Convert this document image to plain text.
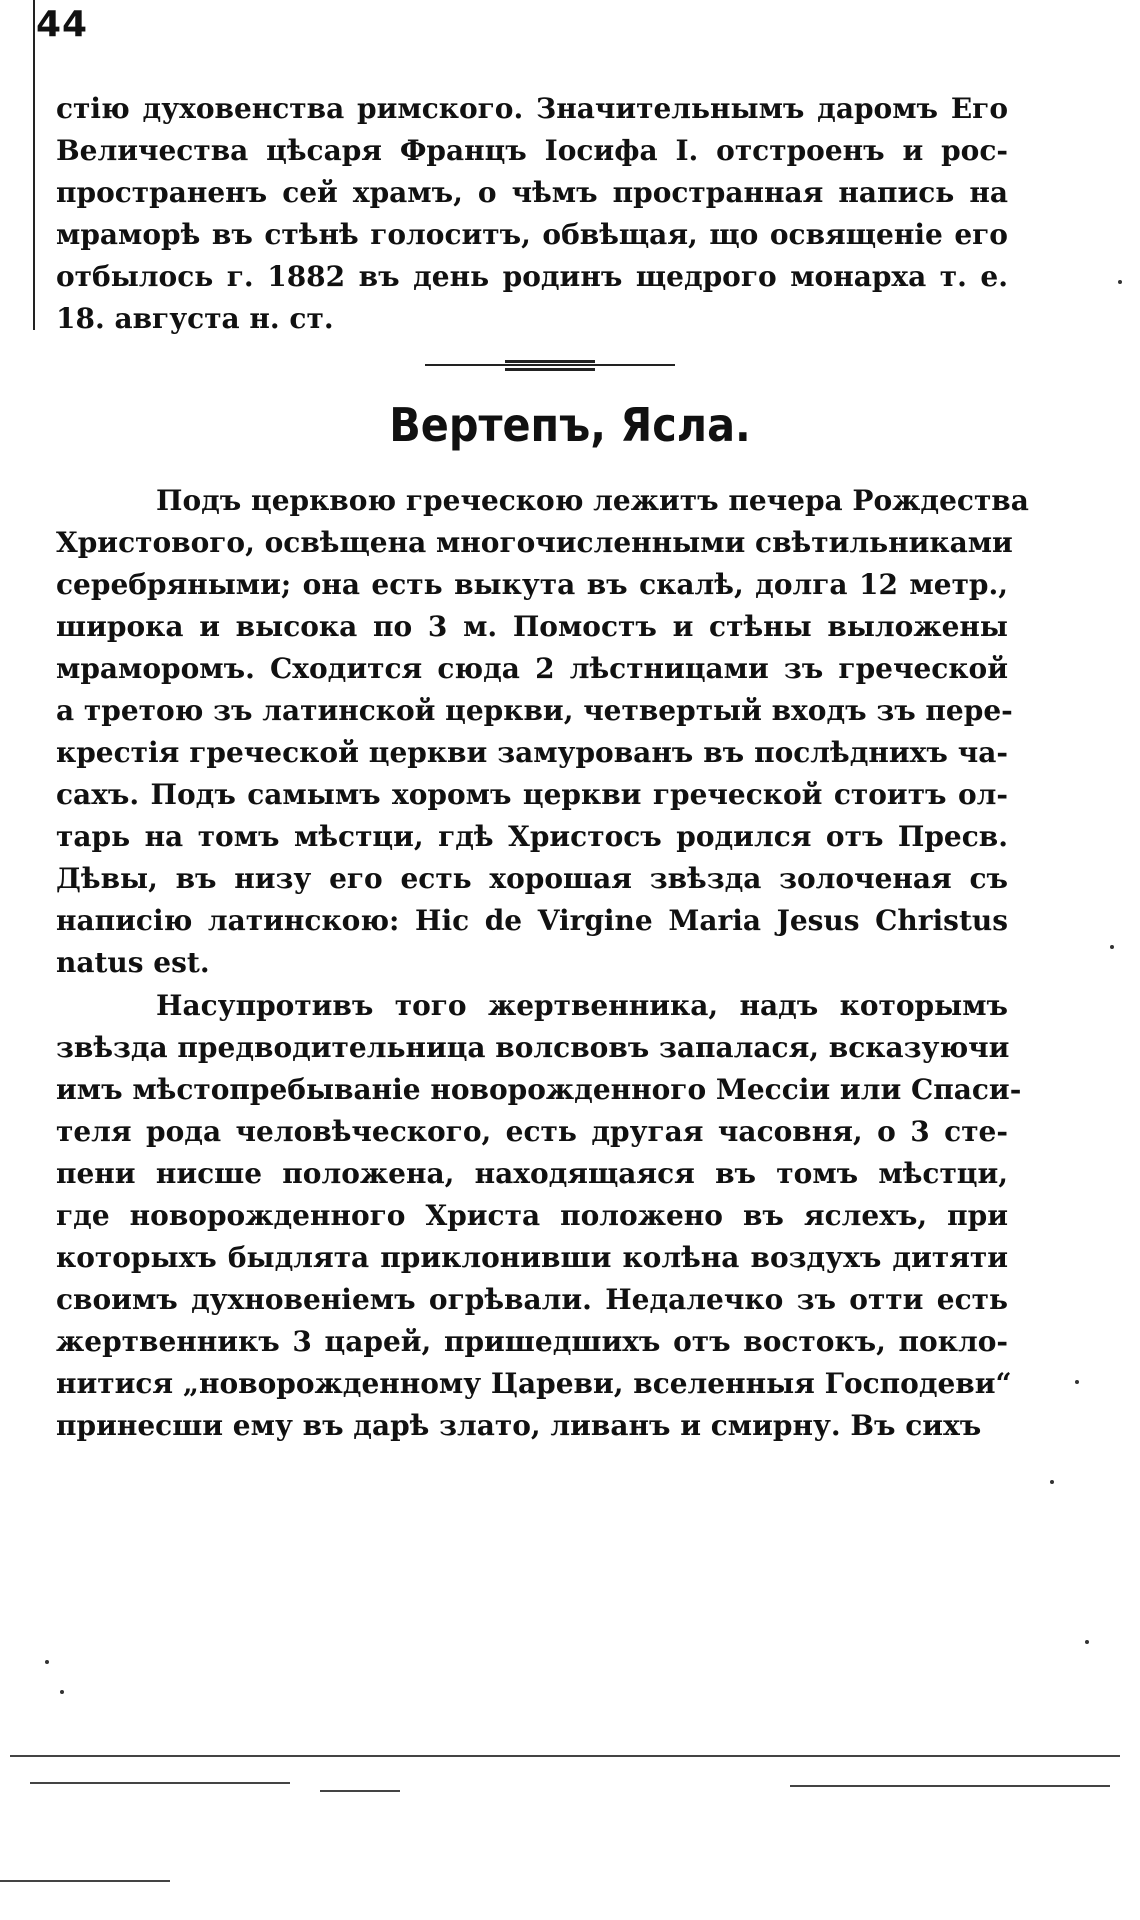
44
стію духовенства римского. Значительнымъ даромъ Его
Величества цѣсаря Францъ Іосифа I. отстроенъ и рос-
пространенъ сей храмъ, о чѣмъ пространная напись на
мраморѣ въ стѣнѣ голоситъ, обвѣщая, що освященіе его
отбылось г. 1882 въ день родинъ щедрого монарха т. е.
18. августа н. ст.
Вертепъ, Ясла.
Подъ церквою греческою лежитъ печера Рождества
Христового, освѣщена многочисленными свѣтильниками
серебряными; она есть выкута въ скалѣ, долга 12 метр.,
широка и высока по 3 м. Помостъ и стѣны выложены
мраморомъ. Сходится сюда 2 лѣстницами зъ греческой
а третою зъ латинской церкви, четвертый входъ зъ пере-
крестія греческой церкви замурованъ въ послѣднихъ ча-
сахъ. Подъ самымъ хоромъ церкви греческой стоитъ ол-
тарь на томъ мѣстци, гдѣ Христосъ родился отъ Пресв.
Дѣвы, въ низу его есть хорошая звѣзда золоченая съ
написію латинскою: Hic de Virgine Maria Jesus Christus
natus est.
Насупротивъ того жертвенника, надъ которымъ
звѣзда предводительница волсвовъ запалася, всказуючи
имъ мѣстопребываніе новорожденного Мессіи или Спаси-
теля рода человѣческого, есть другая часовня, о 3 сте-
пени нисше положена, находящаяся въ томъ мѣстци,
где новорожденного Христа положено въ яслехъ, при
которыхъ быдлята приклонивши колѣна воздухъ дитяти
своимъ духновеніемъ огрѣвали. Недалечко зъ отти есть
жертвенникъ 3 царей, пришедшихъ отъ востокъ, покло-
нитися „новорожденному Цареви, вселенныя Господеви“
принесши ему въ дарѣ злато, ливанъ и смирну. Въ сихъ
